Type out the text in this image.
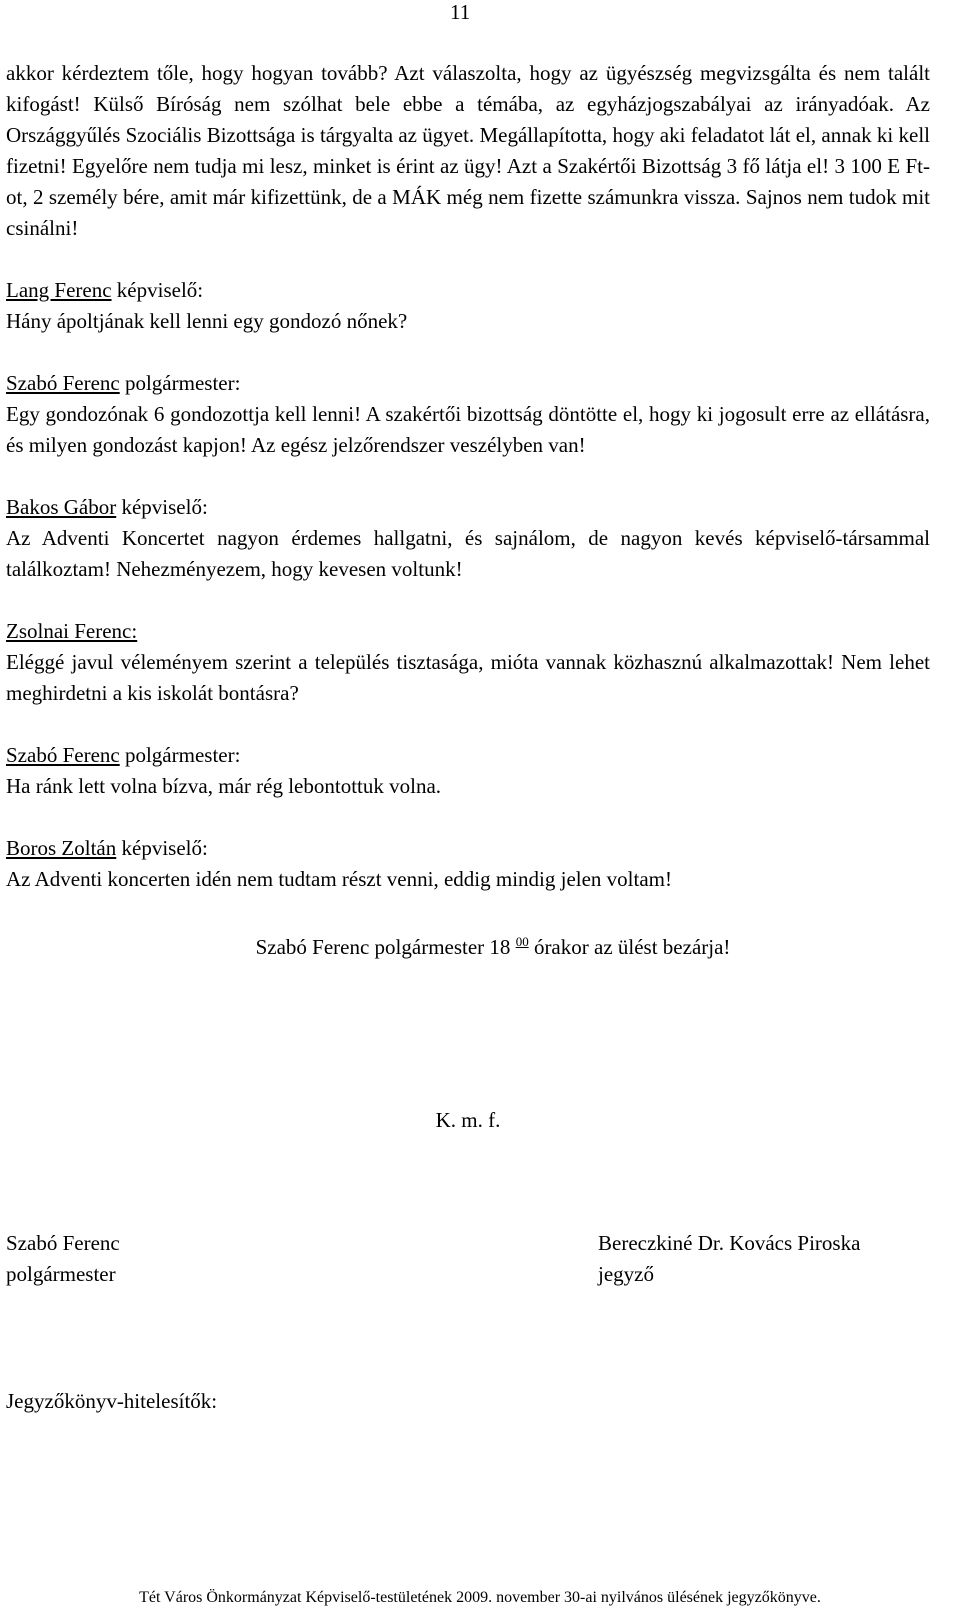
11

akkor kérdeztem tőle, hogy hogyan tovább? Azt válaszolta, hogy az ügyészség megvizsgálta és nem talált kifogást! Külső Bíróság nem szólhat bele ebbe a témába, az egyházjogszabályai az irányadóak. Az Országgyűlés Szociális Bizottsága is tárgyalta az ügyet. Megállapította, hogy aki feladatot lát el, annak ki kell fizetni! Egyelőre nem tudja mi lesz, minket is érint az ügy! Azt a Szakértői Bizottság 3 fő látja el! 3 100 E Ft-ot, 2 személy bére, amit már kifizettünk, de a MÁK még nem fizette számunkra vissza. Sajnos nem tudok mit csinálni!

Lang Ferenc képviselő:

Hány ápoltjának kell lenni egy gondozó nőnek?

Szabó Ferenc polgármester:

Egy gondozónak 6 gondozottja kell lenni! A szakértői bizottság döntötte el, hogy ki jogosult erre az ellátásra, és milyen gondozást kapjon! Az egész jelzőrendszer veszélyben van!

Bakos Gábor képviselő:

Az Adventi Koncertet nagyon érdemes hallgatni, és sajnálom, de nagyon kevés képviselő-társammal találkoztam! Nehezményezem, hogy kevesen voltunk!

Zsolnai Ferenc:

Eléggé javul véleményem szerint a település tisztasága, mióta vannak közhasznú alkalmazottak! Nem lehet meghirdetni a kis iskolát bontásra?

Szabó Ferenc polgármester:

Ha ránk lett volna bízva, már rég lebontottuk volna.

Boros Zoltán képviselő:

Az Adventi koncerten idén nem tudtam részt venni, eddig mindig jelen voltam!

Szabó Ferenc polgármester 18 $^{00}$ órakor az ülést bezárja!

K. m. f.
Szabó Ferenc
polgármester
Bereczkiné Dr. Kovács Piroska
jegyző
Jegyzőkönyv-hitelesítők:
Tét Város Önkormányzat Képviselő-testületének 2009. november 30-ai nyilvános ülésének jegyzőkönyve.
